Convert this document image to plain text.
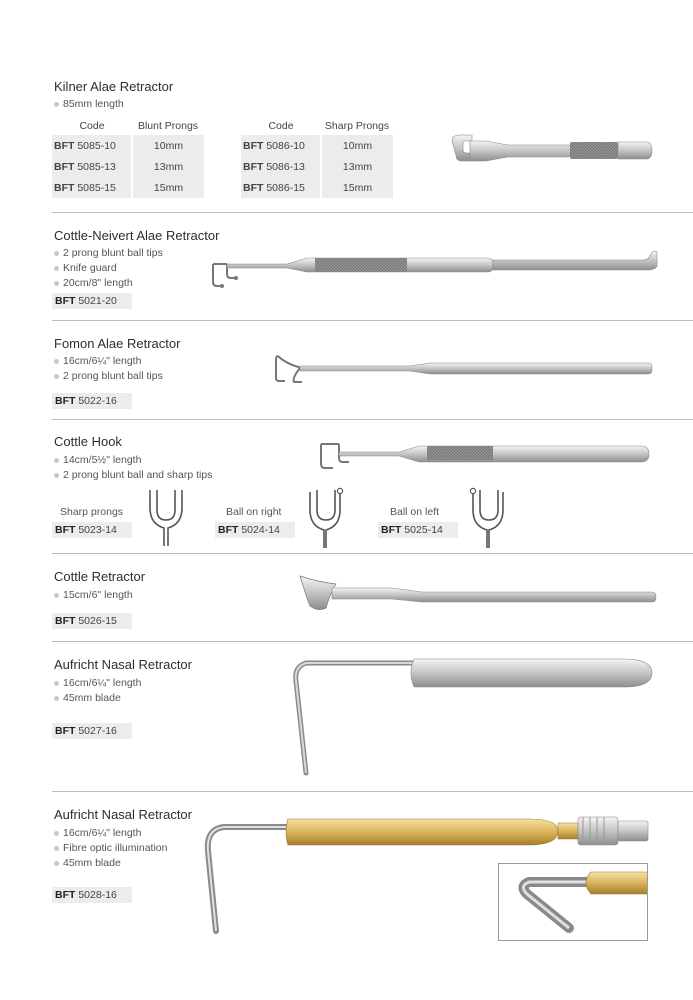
Kilner Alae Retractor
85mm length
Code	Blunt Prongs
BFT 5085-10	10mm
BFT 5085-13	13mm
BFT 5085-15	15mm
Code	Sharp Prongs
BFT 5086-10	10mm
BFT 5086-13	13mm
BFT 5086-15	15mm
Cottle-Neivert Alae Retractor
2 prong blunt ball tips
Knife guard
20cm/8" length
BFT 5021-20
Fomon Alae Retractor
16cm/6¼" length
2 prong blunt ball tips
BFT 5022-16
Cottle Hook
14cm/5½" length
2 prong blunt ball and sharp tips
Sharp prongs
BFT 5023-14
Ball on right
BFT 5024-14
Ball on left
BFT 5025-14
Cottle Retractor
15cm/6" length
BFT 5026-15
Aufricht Nasal Retractor
16cm/6¼" length
45mm blade
BFT 5027-16
Aufricht Nasal Retractor
16cm/6¼" length
Fibre optic illumination
45mm blade
BFT 5028-16
